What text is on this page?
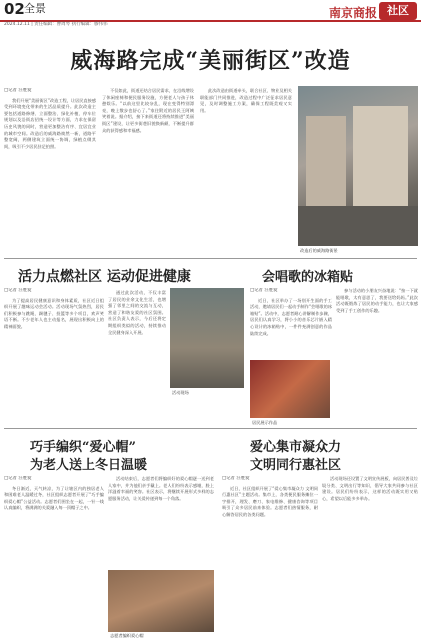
02 全景	南京商报 社区
2024.12.11 | 责任编辑：曹周琴 执行编辑：滕伟伟
威海路完成“美丽街区”改造
□记者 汪胜爱

我们开展“美丽街区”改造工程，让居民直接感受到环境变化带来的生活品质提升。此次改造主要包括道路修缮、立面整治、绿化补植、停车位规划以及沿街店招统一设计等方面，力求在保留历史风貌的同时，营造更加整洁有序、宜居宜业的城市空间。改造后的威海路焕然一新，道路平整宽阔，两侧建筑立面统一协调，绿植点缀其间，吸引不少居民驻足拍照。

不仅如此，街道还结合居民需求，在沿线增设了休闲座椅和便民服务设施，方便老人与孩子休憩娱乐。“以前这里比较杂乱，现在变得特别漂亮，晚上散步也舒心了。”家住附近的居民王阿姨笑着说。据介绍，接下来街道还将持续推进“美丽街区”建设，让更多街巷旧貌换新颜，不断提升群众的获得感和幸福感。

此次改造由街道牵头，联合社区、物业及相关职能部门共同推进，改造过程中广泛征求居民意见，及时调整施工方案，确保工程既美观又实用。

改造后的威海路街景
活力点燃社区 运动促进健康
□记者 汪胜爱

为了提高居民健康意识和身体素质，社区近日组织开展了趣味运动会活动。活动现场气氛热烈，居民们积极参与跳绳、踢毽子、投篮等多个项目，欢声笑语不断。不少老年人也主动报名，展现出积极向上的精神面貌。

通过此次活动，不仅丰富了居民的业余文化生活，也增强了邻里之间的交流与互动，营造了和谐友爱的社区氛围。社区负责人表示，今后还将定期组织类似的活动，持续推动全民健身深入开展。

活动现场
会唱歌的冰箱贴
□记者 汪胜爱

近日，社区举办了一场别开生面的手工活动，邀请居民们一起动手制作“会唱歌的冰箱贴”。活动中，志愿者耐心讲解制作步骤，居民们认真学习，将小小的音乐芯片嵌入精心设计的冰箱贴中，一件件充满创意的作品陆续完成。

参与活动的小朋友兴奋地说：“按一下就能唱歌，太有意思了，我要送给妈妈。”此次活动既锻炼了居民的动手能力，也让大家感受到了手工创作的乐趣。

居民展示作品
巧手编织“爱心帽”
为老人送上冬日温暖
□记者 汪胜爱

冬日渐近，天气转凉，为了让辖区内的独居老人和困难老人温暖过冬，社区组织志愿者开展了“巧手编织爱心帽”公益活动。志愿者们围坐在一起，一针一线认真编织，将满满的关爱融入每一顶帽子之中。

活动结束后，志愿者们将编织好的爱心帽逐一送到老人家中，并为他们亲手戴上。老人们纷纷表示感谢，脸上洋溢着幸福的笑容。社区表示，将继续开展形式多样的志愿服务活动，让关爱传递到每一个角落。

志愿者编织爱心帽
爱心集市凝众力
文明同行惠社区
□记者 汪胜爱

近日，社区组织开展了“爱心集市凝众力 文明同行惠社区”主题活动。集市上，各类便民服务摊位一字排开，理发、磨刀、家电维修、健康咨询等项目吸引了众多居民前来体验。志愿者们热情服务，耐心解答居民的各类问题。

活动现场还设置了文明宣传展板，向居民普及垃圾分类、文明出行等知识，倡导大家共同参与社区建设。居民们纷纷表示，这样的活动既实用又贴心，希望以后能多多举办。
